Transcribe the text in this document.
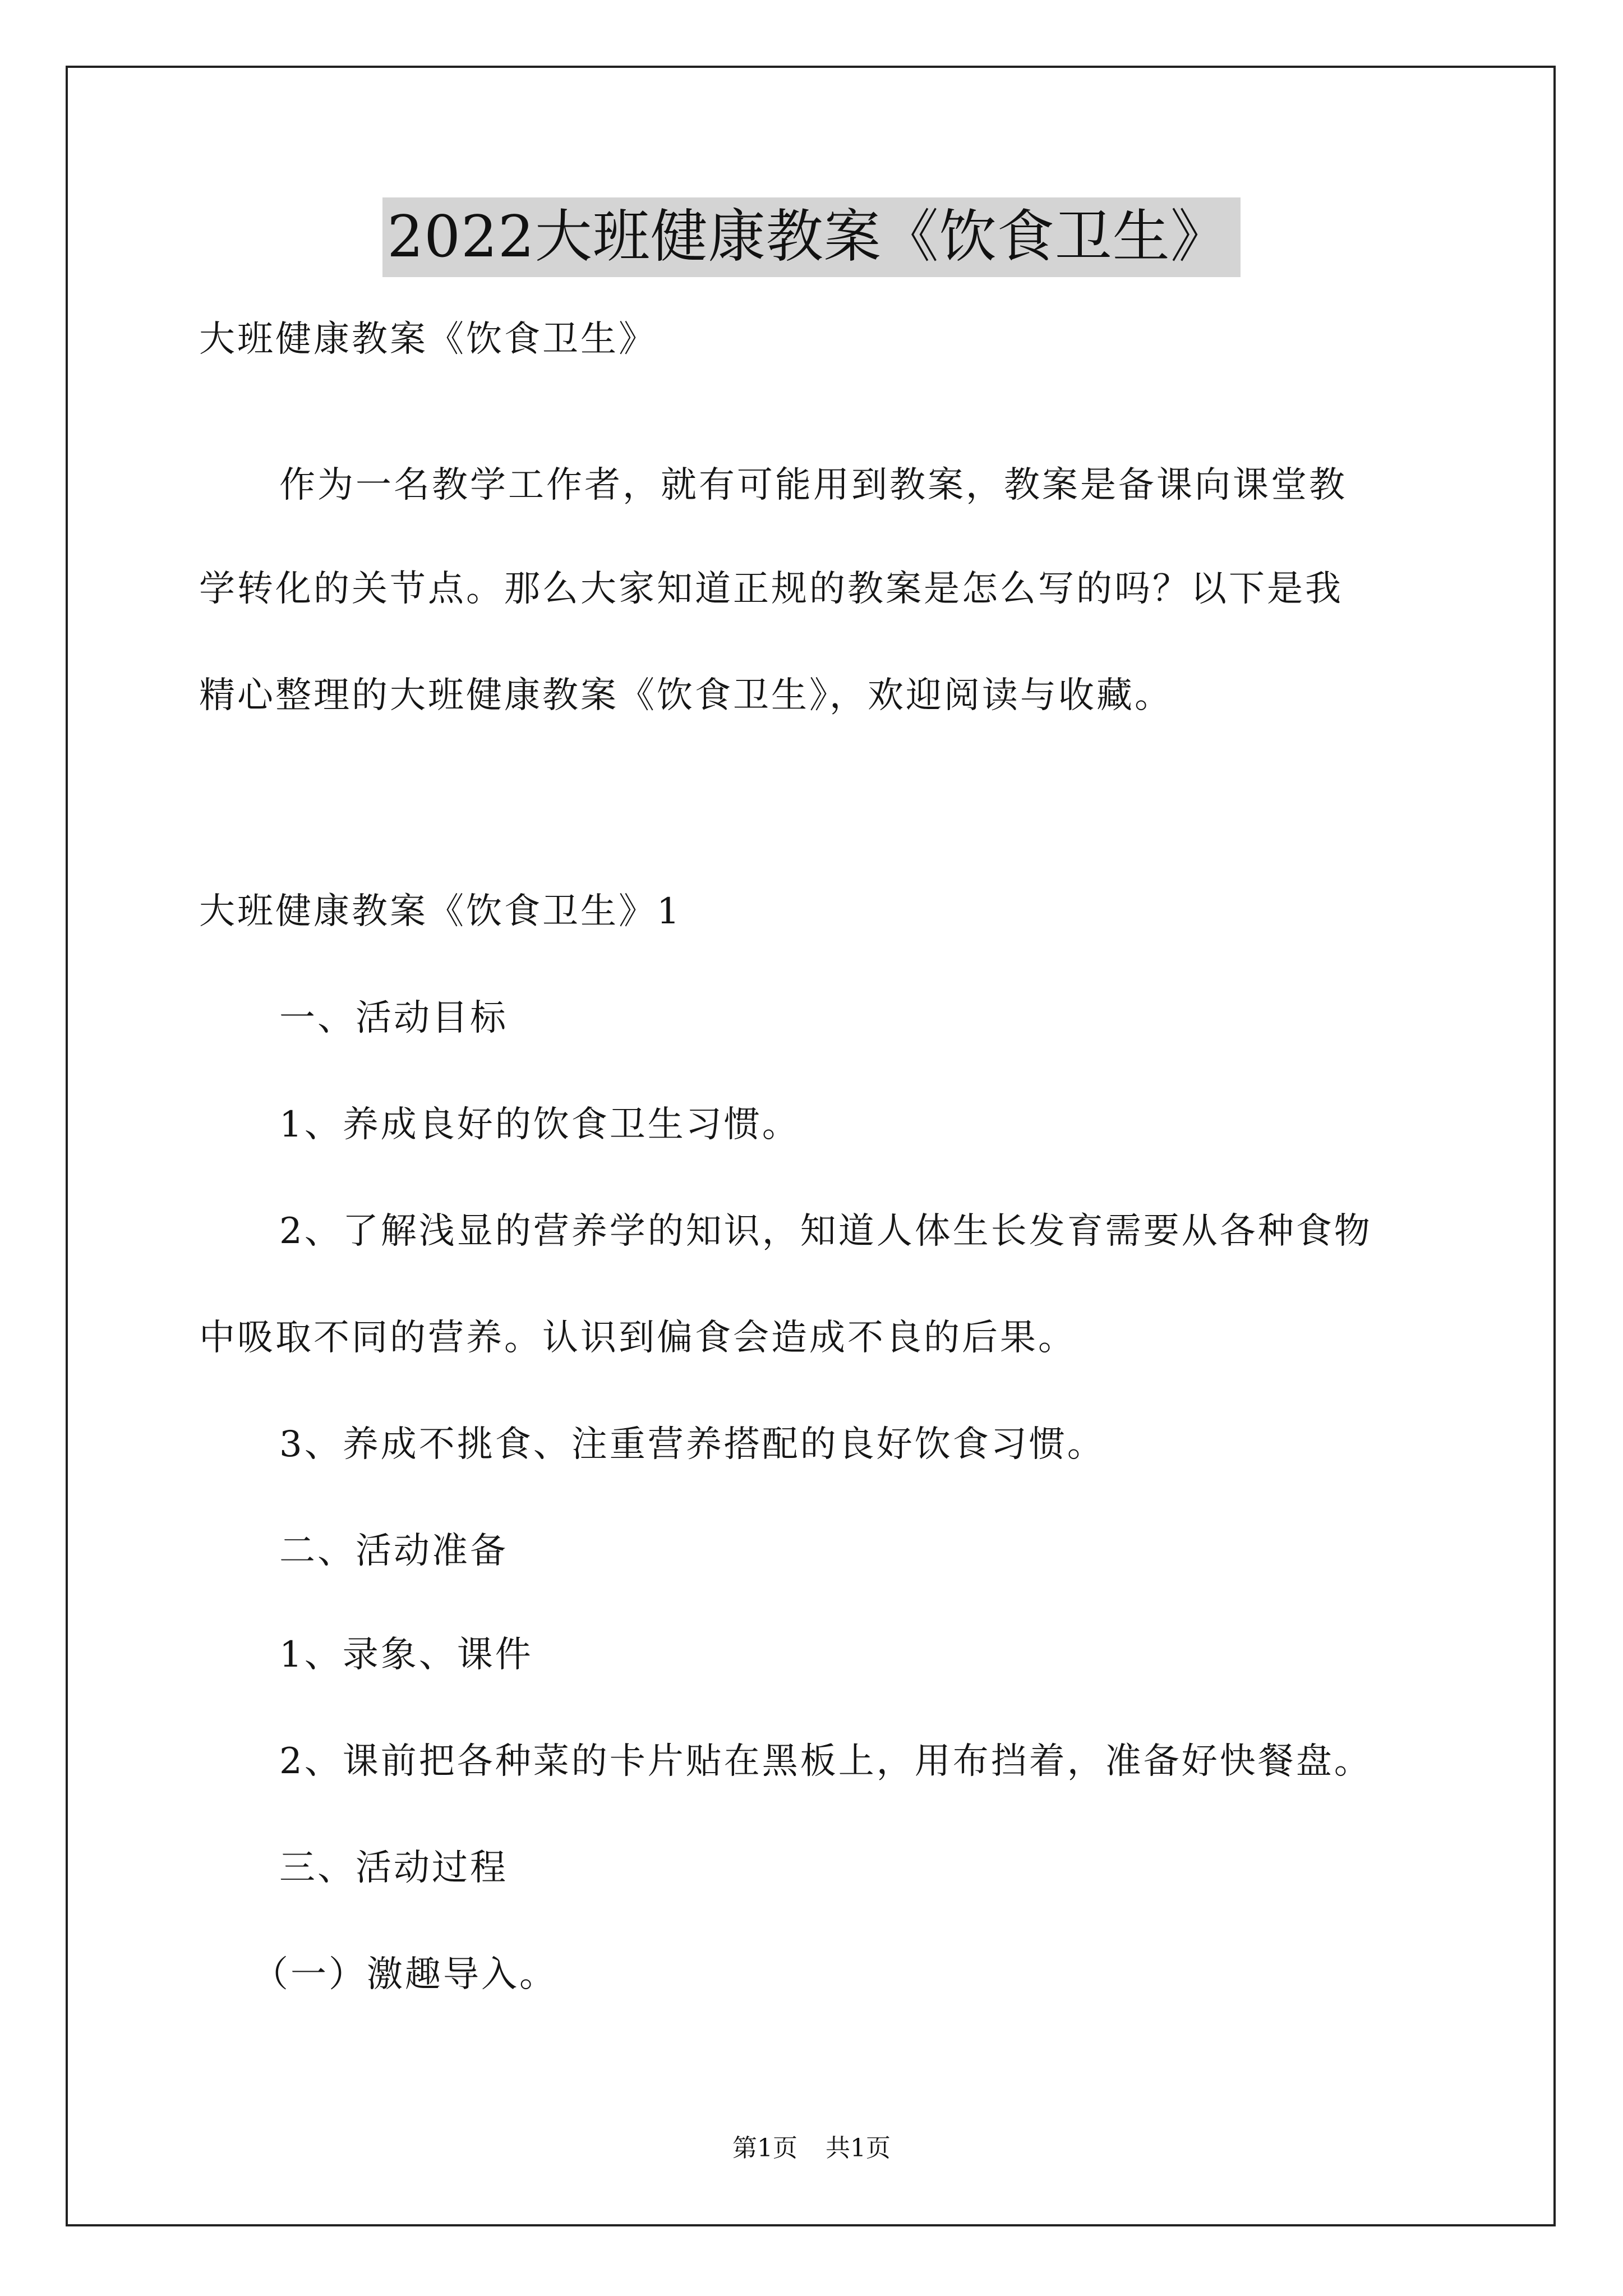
2022大班健康教案《饮食卫生》
大班健康教案《饮食卫生》
作为一名教学工作者，就有可能用到教案，教案是备课向课堂教
学转化的关节点。那么大家知道正规的教案是怎么写的吗？以下是我
精心整理的大班健康教案《饮食卫生》，欢迎阅读与收藏。
大班健康教案《饮食卫生》1
一、活动目标
1、养成良好的饮食卫生习惯。
2、了解浅显的营养学的知识，知道人体生长发育需要从各种食物
中吸取不同的营养。认识到偏食会造成不良的后果。
3、养成不挑食、注重营养搭配的良好饮食习惯。
二、活动准备
1、录象、课件
2、课前把各种菜的卡片贴在黑板上，用布挡着，准备好快餐盘。
三、活动过程
（一）激趣导入。
第1页 共1页
